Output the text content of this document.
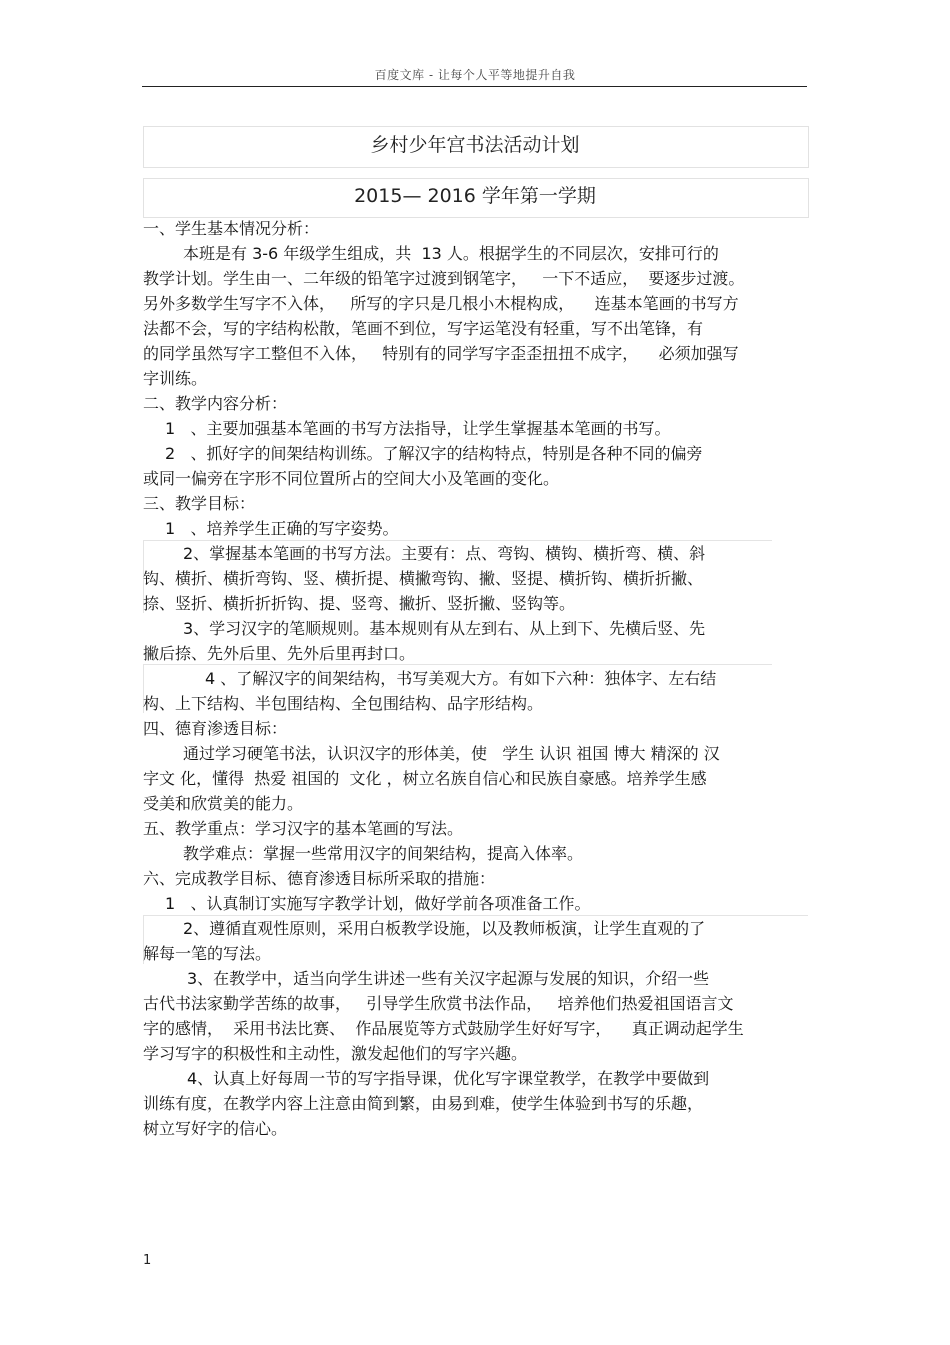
百度文库 - 让每个人平等地提升自我
乡村少年宫书法活动计划
2015— 2016 学年第一学期
一、学生基本情况分析：
本班是有 3-6 年级学生组成，共  13 人。根据学生的不同层次，安排可行的
教学计划。学生由一、二年级的铅笔字过渡到钢笔字，   一下不适应，  要逐步过渡。
另外多数学生写字不入体，   所写的字只是几根小木棍构成，    连基本笔画的书写方
法都不会，写的字结构松散，笔画不到位，写字运笔没有轻重，写不出笔锋，有
的同学虽然写字工整但不入体，   特别有的同学写字歪歪扭扭不成字，    必须加强写
字训练。
二、教学内容分析：
1   、主要加强基本笔画的书写方法指导，让学生掌握基本笔画的书写。
2   、抓好字的间架结构训练。了解汉字的结构特点，特别是各种不同的偏旁
或同一偏旁在字形不同位置所占的空间大小及笔画的变化。
三、教学目标：
1   、培养学生正确的写字姿势。
2、掌握基本笔画的书写方法。主要有：点、弯钩、横钩、横折弯、横、斜
钩、横折、横折弯钩、竖、横折提、横撇弯钩、撇、竖提、横折钩、横折折撇、
捺、竖折、横折折折钩、提、竖弯、撇折、竖折撇、竖钩等。
3、学习汉字的笔顺规则。基本规则有从左到右、从上到下、先横后竖、先
撇后捺、先外后里、先外后里再封口。
4 、了解汉字的间架结构，书写美观大方。有如下六种：独体字、左右结
构、上下结构、半包围结构、全包围结构、品字形结构。
四、德育渗透目标：
通过学习硬笔书法，认识汉字的形体美，使   学生 认识 祖国 博大 精深的 汉
字文 化，懂得  热爱 祖国的  文化 ，树立名族自信心和民族自豪感。培养学生感
受美和欣赏美的能力。
五、教学重点：学习汉字的基本笔画的写法。
教学难点：掌握一些常用汉字的间架结构，提高入体率。
六、完成教学目标、德育渗透目标所采取的措施：
1   、认真制订实施写字教学计划，做好学前各项准备工作。
2、遵循直观性原则，采用白板教学设施，以及教师板演，让学生直观的了
解每一笔的写法。
3、在教学中，适当向学生讲述一些有关汉字起源与发展的知识，介绍一些
古代书法家勤学苦练的故事，   引导学生欣赏书法作品，   培养他们热爱祖国语言文
字的感情，  采用书法比赛、  作品展览等方式鼓励学生好好写字，    真正调动起学生
学习写字的积极性和主动性，激发起他们的写字兴趣。
4、认真上好每周一节的写字指导课，优化写字课堂教学，在教学中要做到
训练有度，在教学内容上注意由简到繁，由易到难，使学生体验到书写的乐趣，
树立写好字的信心。
1
